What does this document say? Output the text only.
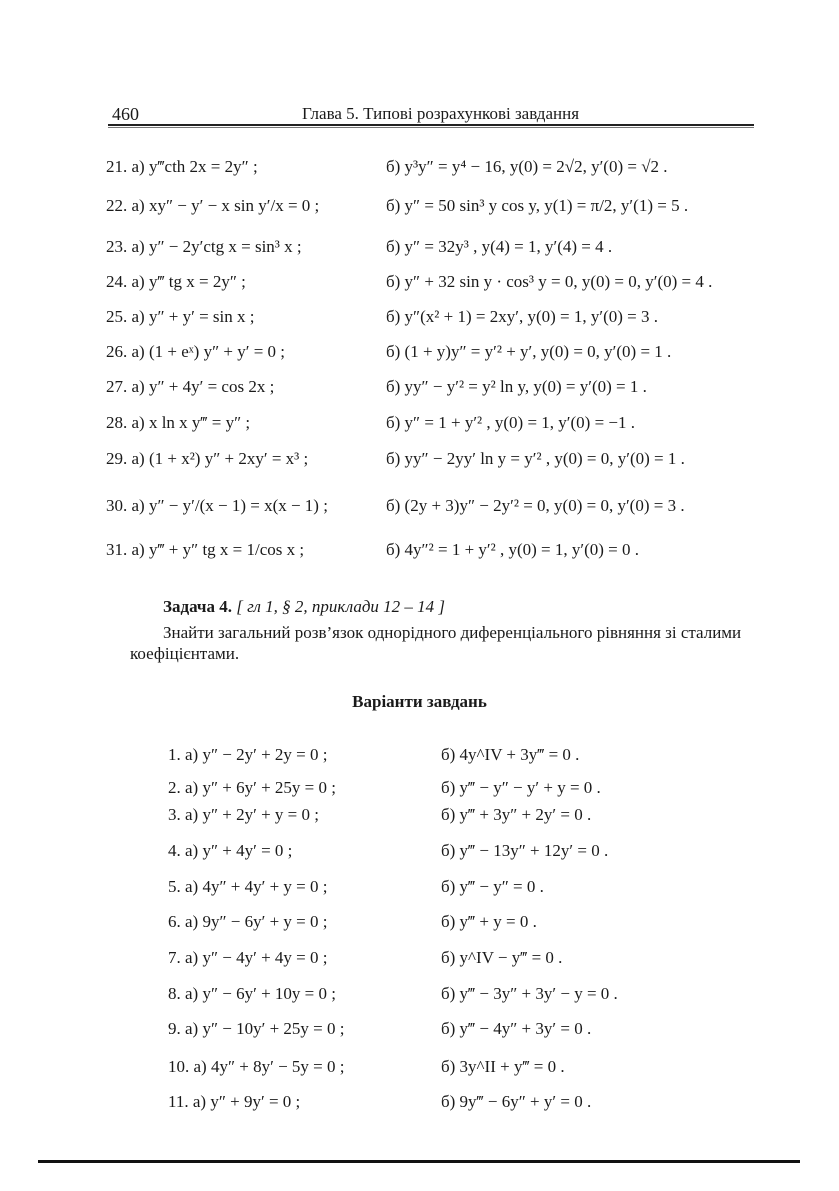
460	Глава 5. Типові розрахункові завдання
21. а) y‴cth 2x = 2y″ ;	б) y³y″ = y⁴ − 16, y(0) = 2√2, y′(0) = √2 .
22. а) xy″ − y′ − x sin y′/x = 0 ;	б) y″ = 50 sin³ y cos y, y(1) = π/2, y′(1) = 5 .
23. а) y″ − 2y′ctg x = sin³ x ;	б) y″ = 32y³ , y(4) = 1, y′(4) = 4 .
24. а) y‴ tg x = 2y″ ;	б) y″ + 32 sin y · cos³ y = 0, y(0) = 0, y′(0) = 4 .
25. а) y″ + y′ = sin x ;	б) y″(x² + 1) = 2xy′, y(0) = 1, y′(0) = 3 .
26. а) (1 + eˣ) y″ + y′ = 0 ;	б) (1 + y)y″ = y′² + y′, y(0) = 0, y′(0) = 1 .
27. а) y″ + 4y′ = cos 2x ;	б) yy″ − y′² = y² ln y, y(0) = y′(0) = 1 .
28. а) x ln x y‴ = y″ ;	б) y″ = 1 + y′² , y(0) = 1, y′(0) = −1 .
29. а) (1 + x²) y″ + 2xy′ = x³ ;	б) yy″ − 2yy′ ln y = y′² , y(0) = 0, y′(0) = 1 .
30. а) y″ − y′/(x − 1) = x(x − 1) ;	б) (2y + 3)y″ − 2y′² = 0, y(0) = 0, y′(0) = 3 .
31. а) y‴ + y″ tg x = 1/cos x ;	б) 4y″² = 1 + y′² , y(0) = 1, y′(0) = 0 .
Задача 4. [ гл 1, § 2, приклади 12 – 14 ]
Знайти загальний розв’язок однорідного диференціального рівняння зі сталими коефіцієнтами.
Варіанти завдань
1. а) y″ − 2y′ + 2y = 0 ;	б) 4y^IV + 3y‴ = 0 .
2. а) y″ + 6y′ + 25y = 0 ;	б) y‴ − y″ − y′ + y = 0 .
3. а) y″ + 2y′ + y = 0 ;	б) y‴ + 3y″ + 2y′ = 0 .
4. а) y″ + 4y′ = 0 ;	б) y‴ − 13y″ + 12y′ = 0 .
5. а) 4y″ + 4y′ + y = 0 ;	б) y‴ − y″ = 0 .
6. а) 9y″ − 6y′ + y = 0 ;	б) y‴ + y = 0 .
7. а) y″ − 4y′ + 4y = 0 ;	б) y^IV − y‴ = 0 .
8. а) y″ − 6y′ + 10y = 0 ;	б) y‴ − 3y″ + 3y′ − y = 0 .
9. а) y″ − 10y′ + 25y = 0 ;	б) y‴ − 4y″ + 3y′ = 0 .
10. а) 4y″ + 8y′ − 5y = 0 ;	б) 3y^II + y‴ = 0 .
11. а) y″ + 9y′ = 0 ;	б) 9y‴ − 6y″ + y′ = 0 .
